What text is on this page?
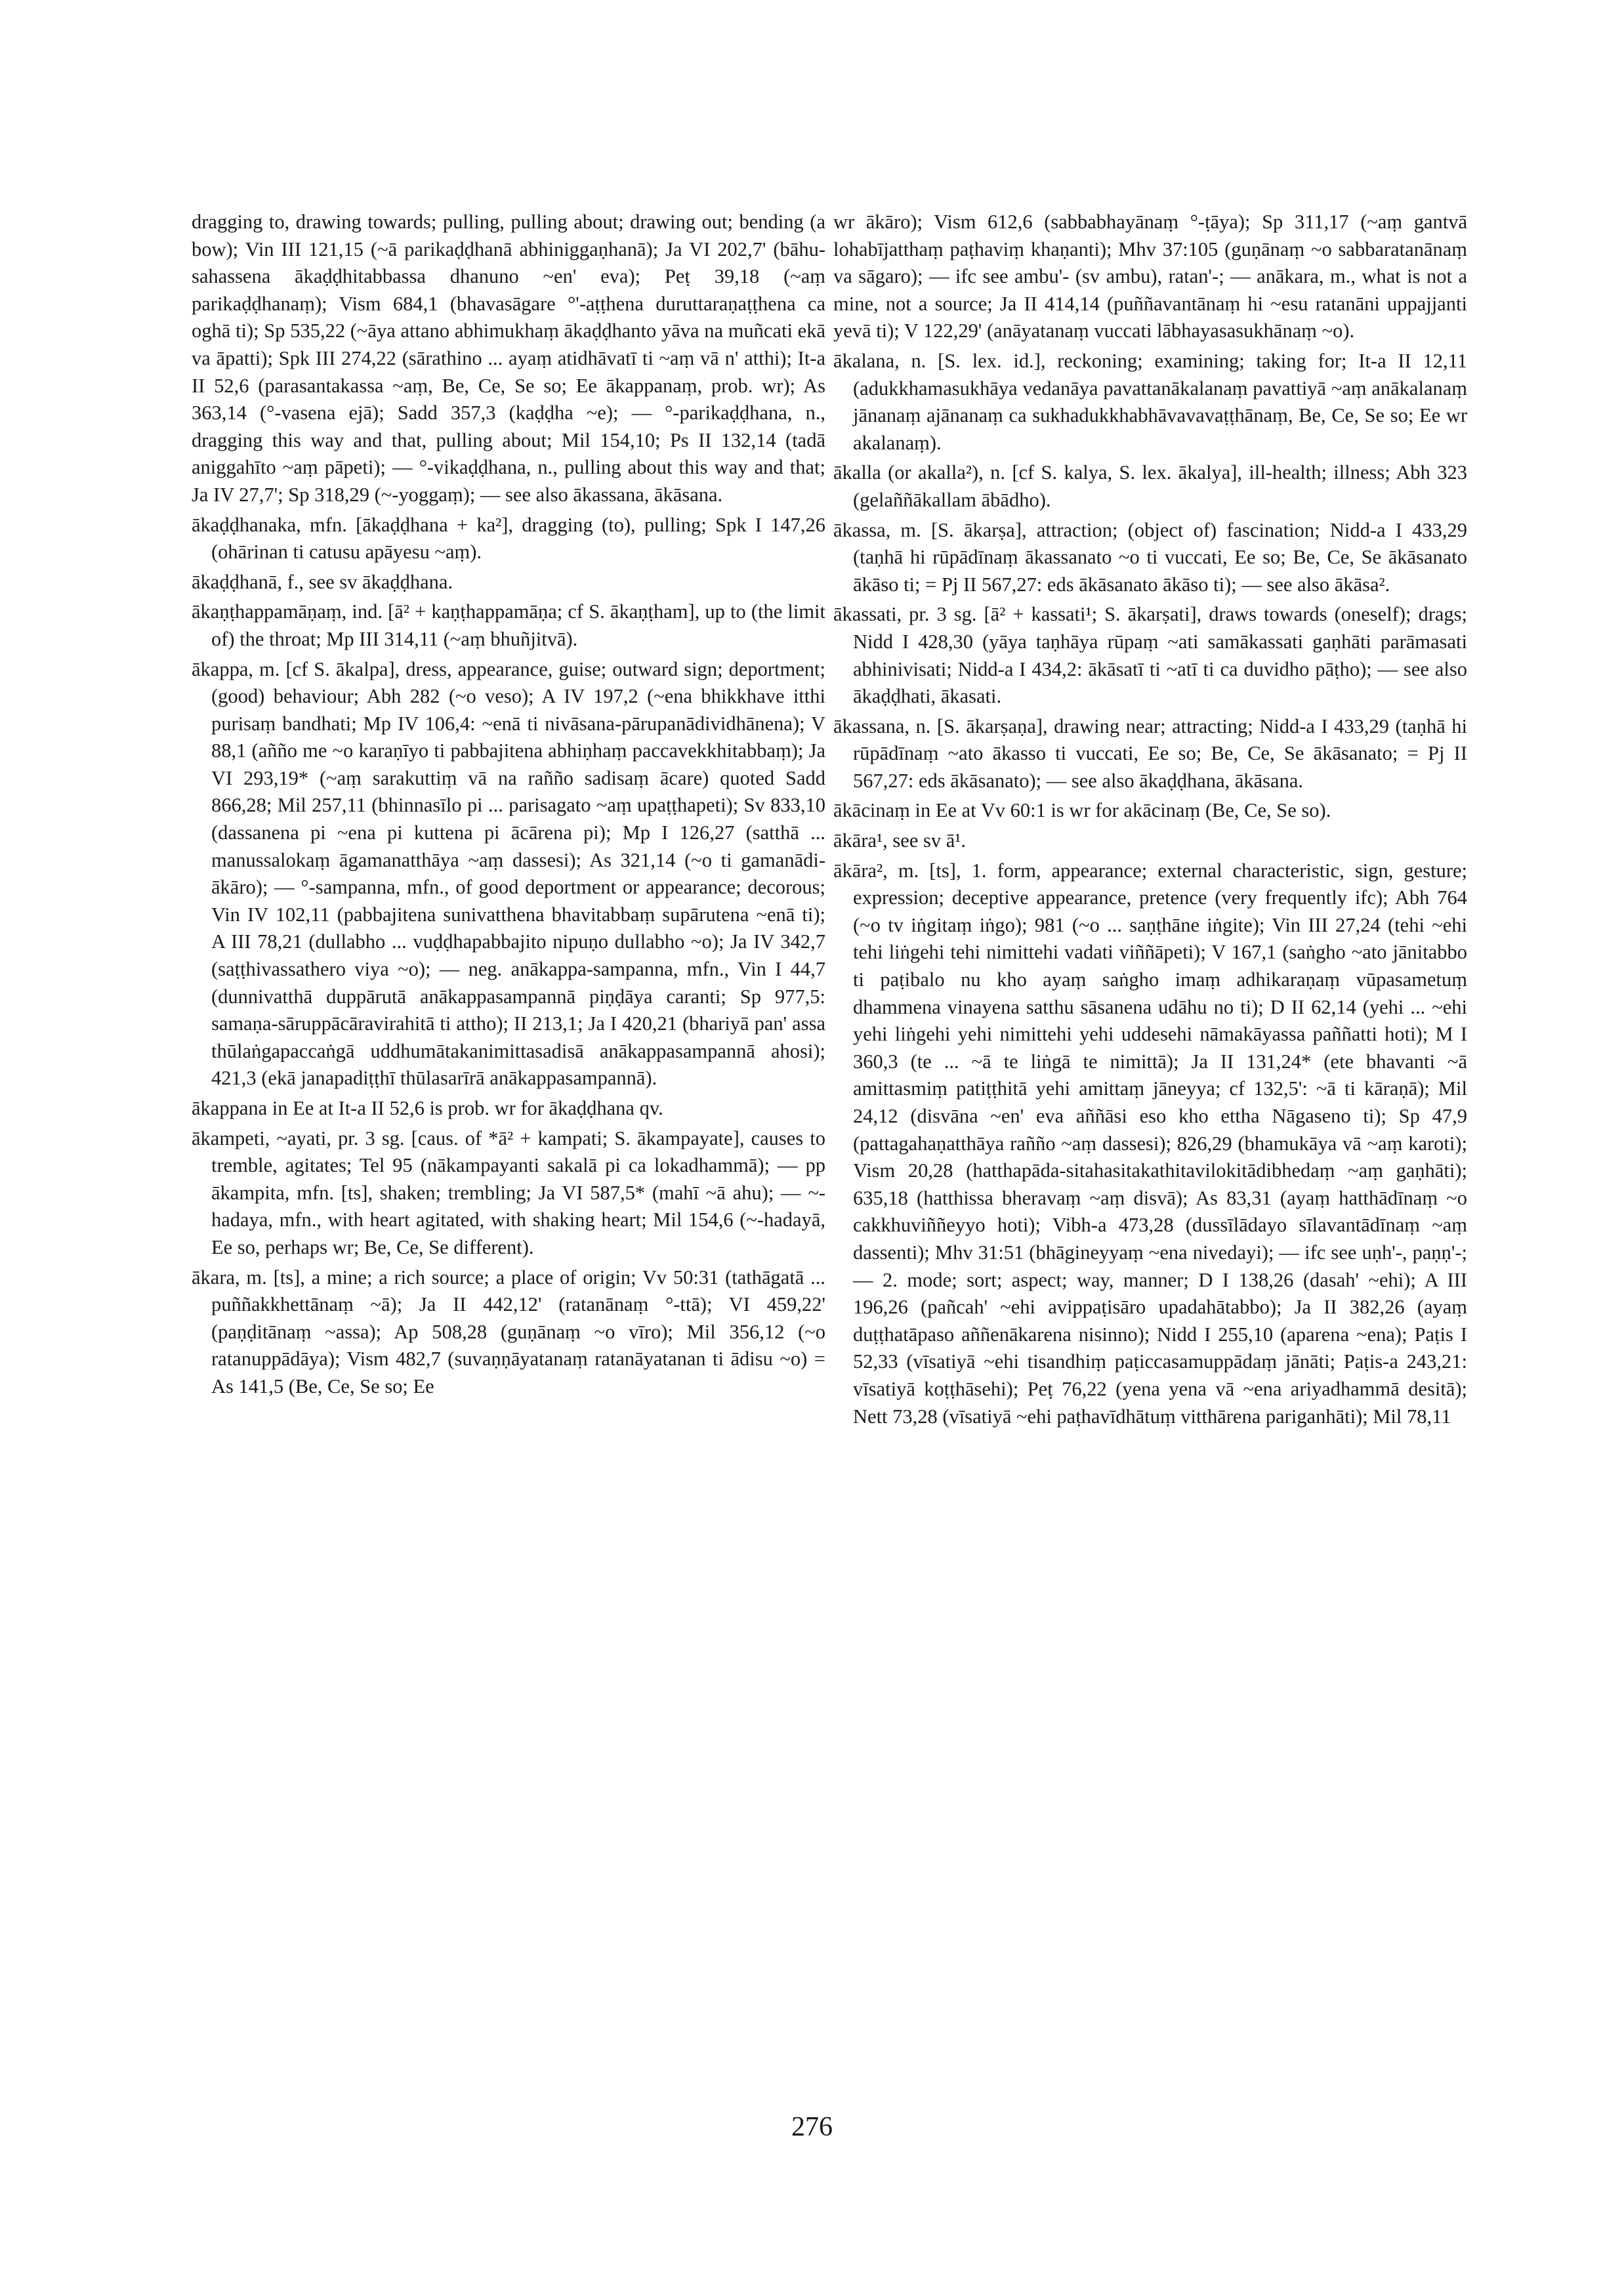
dragging to, drawing towards; pulling, pulling about; drawing out; bending (a bow); Vin III 121,15 (~ā parikaḍḍhanā abhiniggaṇhanā); Ja VI 202,7' (bāhu-sahassena ākaḍḍhitabbassa dhanuno ~en' eva); Peṭ 39,18 (~aṃ parikaḍḍhanaṃ); Vism 684,1 (bhavasāgare °'-aṭṭhena duruttaraṇaṭṭhena ca oghā ti); Sp 535,22 (~āya attano abhimukhaṃ ākaḍḍhanto yāva na muñcati ekā va āpatti); Spk III 274,22 (sārathino ... ayaṃ atidhāvatī ti ~aṃ vā n' atthi); It-a II 52,6 (parasantakassa ~aṃ, Be, Ce, Se so; Ee ākappanaṃ, prob. wr); As 363,14 (°-vasena ejā); Sadd 357,3 (kaḍḍha ~e); — °-parikaḍḍhana, n., dragging this way and that, pulling about; Mil 154,10; Ps II 132,14 (tadā aniggahīto ~aṃ pāpeti); — °-vikaḍḍhana, n., pulling about this way and that; Ja IV 27,7'; Sp 318,29 (~-yoggaṃ); — see also ākassana, ākāsana.

ākaḍḍhanaka, mfn. [ākaḍḍhana + ka²], dragging (to), pulling; Spk I 147,26 (ohārinan ti catusu apāyesu ~aṃ).

ākaḍḍhanā, f., see sv ākaḍḍhana.

ākaṇṭhappamāṇaṃ, ind. [ā² + kaṇṭhappamāṇa; cf S. ākaṇṭham], up to (the limit of) the throat; Mp III 314,11 (~aṃ bhuñjitvā).

ākappa, m. [cf S. ākalpa], dress, appearance, guise; outward sign; deportment; (good) behaviour; Abh 282 (~o veso); A IV 197,2 (~ena bhikkhave itthi purisaṃ bandhati; Mp IV 106,4: ~enā ti nivāsana-pārupanādividhānena); V 88,1 (añño me ~o karaṇīyo ti pabbajitena abhiṇhaṃ paccavekkhitabbaṃ); Ja VI 293,19* (~aṃ sarakuttiṃ vā na rañño sadisaṃ ācare) quoted Sadd 866,28; Mil 257,11 (bhinnasīlo pi ... parisagato ~aṃ upaṭṭhapeti); Sv 833,10 (dassanena pi ~ena pi kuttena pi ācārena pi); Mp I 126,27 (satthā ... manussalokaṃ āgamanatthāya ~aṃ dassesi); As 321,14 (~o ti gamanādi-ākāro); — °-sampanna, mfn., of good deportment or appearance; decorous; Vin IV 102,11 (pabbajitena sunivatthena bhavitabbaṃ supārutena ~enā ti); A III 78,21 (dullabho ... vuḍḍhapabbajito nipuṇo dullabho ~o); Ja IV 342,7 (saṭṭhivassathero viya ~o); — neg. anākappa-sampanna, mfn., Vin I 44,7 (dunnivatthā duppārutā anākappasampannā piṇḍāya caranti; Sp 977,5: samaṇa-sāruppācāravirahitā ti attho); II 213,1; Ja I 420,21 (bhariyā pan' assa thūlaṅgapaccaṅgā uddhumātakanimittasadisā anākappasampannā ahosi); 421,3 (ekā janapadiṭṭhī thūlasarīrā anākappasampannā).

ākappana in Ee at It-a II 52,6 is prob. wr for ākaḍḍhana qv.

ākampeti, ~ayati, pr. 3 sg. [caus. of *ā² + kampati; S. ākampayate], causes to tremble, agitates; Tel 95 (nākampayanti sakalā pi ca lokadhammā); — pp ākampita, mfn. [ts], shaken; trembling; Ja VI 587,5* (mahī ~ā ahu); — ~-hadaya, mfn., with heart agitated, with shaking heart; Mil 154,6 (~-hadayā, Ee so, perhaps wr; Be, Ce, Se different).

ākara, m. [ts], a mine; a rich source; a place of origin; Vv 50:31 (tathāgatā ... puññakkhettānaṃ ~ā); Ja II 442,12' (ratanānaṃ °-ttā); VI 459,22' (paṇḍitānaṃ ~assa); Ap 508,28 (guṇānaṃ ~o vīro); Mil 356,12 (~o ratanuppādāya); Vism 482,7 (suvaṇṇāyatanaṃ ratanāyatanan ti ādisu ~o) = As 141,5 (Be, Ce, Se so; Ee

wr ākāro); Vism 612,6 (sabbabhayānaṃ °-ṭāya); Sp 311,17 (~aṃ gantvā lohabījatthaṃ paṭhaviṃ khaṇanti); Mhv 37:105 (guṇānaṃ ~o sabbaratanānaṃ va sāgaro); — ifc see ambu'- (sv ambu), ratan'-; — anākara, m., what is not a mine, not a source; Ja II 414,14 (puññavantānaṃ hi ~esu ratanāni uppajjanti yevā ti); V 122,29' (anāyatanaṃ vuccati lābhayasasukhānaṃ ~o).

ākalana, n. [S. lex. id.], reckoning; examining; taking for; It-a II 12,11 (adukkhamasukhāya vedanāya pavattanākalanaṃ pavattiyā ~aṃ anākalanaṃ jānanaṃ ajānanaṃ ca sukhadukkhabhāvavavaṭṭhānaṃ, Be, Ce, Se so; Ee wr akalanaṃ).

ākalla (or akalla²), n. [cf S. kalya, S. lex. ākalya], ill-health; illness; Abh 323 (gelaññākallam ābādho).

ākassa, m. [S. ākarṣa], attraction; (object of) fascination; Nidd-a I 433,29 (taṇhā hi rūpādīnaṃ ākassanato ~o ti vuccati, Ee so; Be, Ce, Se ākāsanato ākāso ti; = Pj II 567,27: eds ākāsanato ākāso ti); — see also ākāsa².

ākassati, pr. 3 sg. [ā² + kassati¹; S. ākarṣati], draws towards (oneself); drags; Nidd I 428,30 (yāya taṇhāya rūpaṃ ~ati samākassati gaṇhāti parāmasati abhinivisati; Nidd-a I 434,2: ākāsatī ti ~atī ti ca duvidho pāṭho); — see also ākaḍḍhati, ākasati.

ākassana, n. [S. ākarṣaṇa], drawing near; attracting; Nidd-a I 433,29 (taṇhā hi rūpādīnaṃ ~ato ākasso ti vuccati, Ee so; Be, Ce, Se ākāsanato; = Pj II 567,27: eds ākāsanato); — see also ākaḍḍhana, ākāsana.

ākācinaṃ in Ee at Vv 60:1 is wr for akācinaṃ (Be, Ce, Se so).

ākāra¹, see sv ā¹.

ākāra², m. [ts], 1. form, appearance; external characteristic, sign, gesture; expression; deceptive appearance, pretence (very frequently ifc); Abh 764 (~o tv iṅgitaṃ iṅgo); 981 (~o ... saṇṭhāne iṅgite); Vin III 27,24 (tehi ~ehi tehi liṅgehi tehi nimittehi vadati viññāpeti); V 167,1 (saṅgho ~ato jānitabbo ti paṭibalo nu kho ayaṃ saṅgho imaṃ adhikaraṇaṃ vūpasametuṃ dhammena vinayena satthu sāsanena udāhu no ti); D II 62,14 (yehi ... ~ehi yehi liṅgehi yehi nimittehi yehi uddesehi nāmakāyassa paññatti hoti); M I 360,3 (te ... ~ā te liṅgā te nimittā); Ja II 131,24* (ete bhavanti ~ā amittasmiṃ patiṭṭhitā yehi amittaṃ jāneyya; cf 132,5': ~ā ti kāraṇā); Mil 24,12 (disvāna ~en' eva aññāsi eso kho ettha Nāgaseno ti); Sp 47,9 (pattagahaṇatthāya rañño ~aṃ dassesi); 826,29 (bhamukāya vā ~aṃ karoti); Vism 20,28 (hatthapāda-sitahasitakathitavilokitādibhedaṃ ~aṃ gaṇhāti); 635,18 (hatthissa bheravaṃ ~aṃ disvā); As 83,31 (ayaṃ hatthādīnaṃ ~o cakkhuviññeyyo hoti); Vibh-a 473,28 (dussīlādayo sīlavantādīnaṃ ~aṃ dassenti); Mhv 31:51 (bhāgineyyaṃ ~ena nivedayi); — ifc see uṇh'-, paṇṇ'-; — 2. mode; sort; aspect; way, manner; D I 138,26 (dasah' ~ehi); A III 196,26 (pañcah' ~ehi avippaṭisāro upadahātabbo); Ja II 382,26 (ayaṃ duṭṭhatāpaso aññenākarena nisinno); Nidd I 255,10 (aparena ~ena); Paṭis I 52,33 (vīsatiyā ~ehi tisandhiṃ paṭiccasamuppādaṃ jānāti; Paṭis-a 243,21: vīsatiyā koṭṭhāsehi); Peṭ 76,22 (yena yena vā ~ena ariyadhammā desitā); Nett 73,28 (vīsatiyā ~ehi paṭhavīdhātuṃ vitthārena pariganhāti); Mil 78,11

276
